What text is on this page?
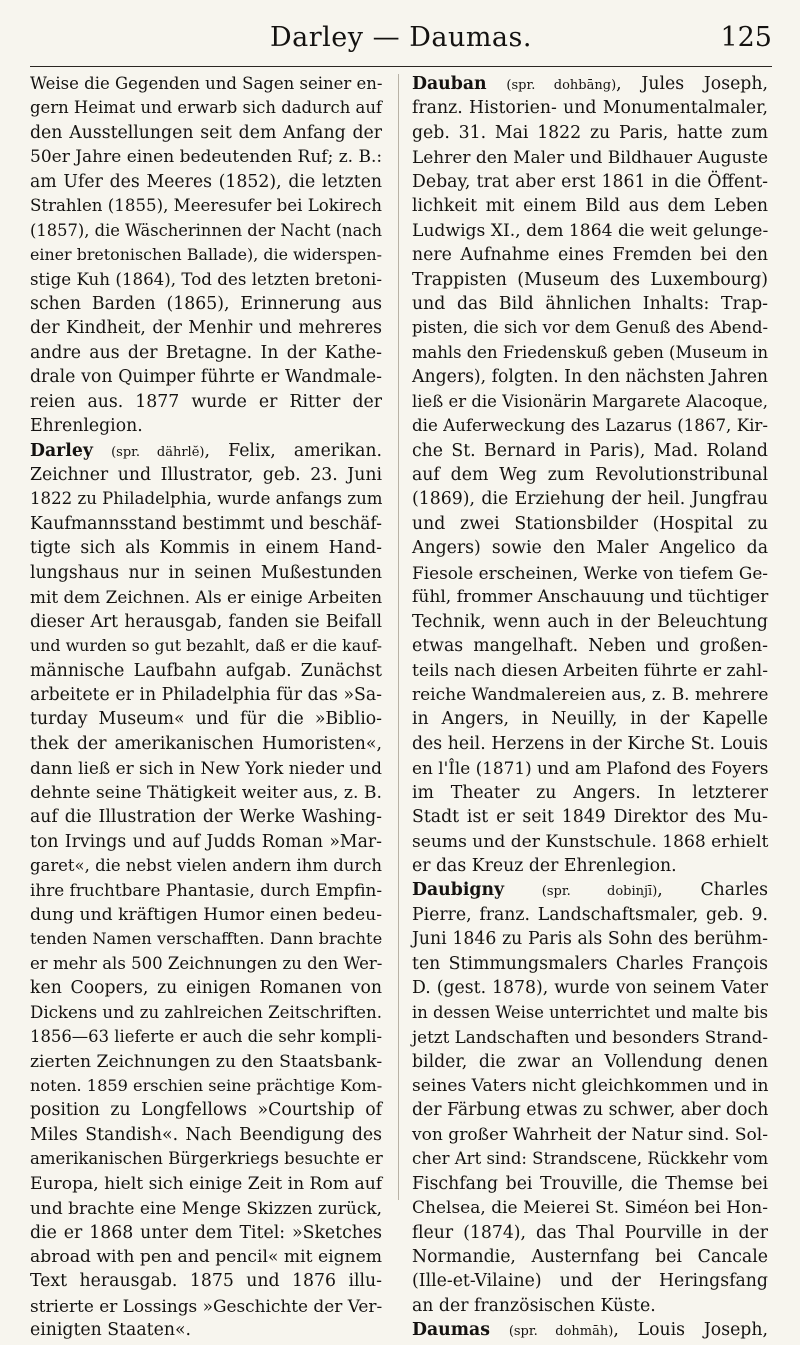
Darley — Daumas.	125
Weise die Gegenden und Sagen seiner en-
gern Heimat und erwarb sich dadurch auf
den Ausstellungen seit dem Anfang der
50er Jahre einen bedeutenden Ruf; z. B.:
am Ufer des Meeres (1852), die letzten
Strahlen (1855), Meeresufer bei Lokirech
(1857), die Wäscherinnen der Nacht (nach
einer bretonischen Ballade), die widerspen-
stige Kuh (1864), Tod des letzten bretoni-
schen Barden (1865), Erinnerung aus
der Kindheit, der Menhir und mehreres
andre aus der Bretagne. In der Kathe-
drale von Quimper führte er Wandmale-
reien aus. 1877 wurde er Ritter der
Ehrenlegion.
Darley (spr. dährlĕ), Felix, amerikan.
Zeichner und Illustrator, geb. 23. Juni
1822 zu Philadelphia, wurde anfangs zum
Kaufmannsstand bestimmt und beschäf-
tigte sich als Kommis in einem Hand-
lungshaus nur in seinen Mußestunden
mit dem Zeichnen. Als er einige Arbeiten
dieser Art herausgab, fanden sie Beifall
und wurden so gut bezahlt, daß er die kauf-
männische Laufbahn aufgab. Zunächst
arbeitete er in Philadelphia für das »Sa-
turday Museum« und für die »Biblio-
thek der amerikanischen Humoristen«,
dann ließ er sich in New York nieder und
dehnte seine Thätigkeit weiter aus, z. B.
auf die Illustration der Werke Washing-
ton Irvings und auf Judds Roman »Mar-
garet«, die nebst vielen andern ihm durch
ihre fruchtbare Phantasie, durch Empfin-
dung und kräftigen Humor einen bedeu-
tenden Namen verschafften. Dann brachte
er mehr als 500 Zeichnungen zu den Wer-
ken Coopers, zu einigen Romanen von
Dickens und zu zahlreichen Zeitschriften.
1856—63 lieferte er auch die sehr kompli-
zierten Zeichnungen zu den Staatsbank-
noten. 1859 erschien seine prächtige Kom-
position zu Longfellows »Courtship of
Miles Standish«. Nach Beendigung des
amerikanischen Bürgerkriegs besuchte er
Europa, hielt sich einige Zeit in Rom auf
und brachte eine Menge Skizzen zurück,
die er 1868 unter dem Titel: »Sketches
abroad with pen and pencil« mit eignem
Text herausgab. 1875 und 1876 illu-
strierte er Lossings »Geschichte der Ver-
einigten Staaten«.
Dauban (spr. dohbāng), Jules Joseph,
franz. Historien- und Monumentalmaler,
geb. 31. Mai 1822 zu Paris, hatte zum
Lehrer den Maler und Bildhauer Auguste
Debay, trat aber erst 1861 in die Öffent-
lichkeit mit einem Bild aus dem Leben
Ludwigs XI., dem 1864 die weit gelunge-
nere Aufnahme eines Fremden bei den
Trappisten (Museum des Luxembourg)
und das Bild ähnlichen Inhalts: Trap-
pisten, die sich vor dem Genuß des Abend-
mahls den Friedenskuß geben (Museum in
Angers), folgten. In den nächsten Jahren
ließ er die Visionärin Margarete Alacoque,
die Auferweckung des Lazarus (1867, Kir-
che St. Bernard in Paris), Mad. Roland
auf dem Weg zum Revolutionstribunal
(1869), die Erziehung der heil. Jungfrau
und zwei Stationsbilder (Hospital zu
Angers) sowie den Maler Angelico da
Fiesole erscheinen, Werke von tiefem Ge-
fühl, frommer Anschauung und tüchtiger
Technik, wenn auch in der Beleuchtung
etwas mangelhaft. Neben und großen-
teils nach diesen Arbeiten führte er zahl-
reiche Wandmalereien aus, z. B. mehrere
in Angers, in Neuilly, in der Kapelle
des heil. Herzens in der Kirche St. Louis
en l'Île (1871) und am Plafond des Foyers
im Theater zu Angers. In letzterer
Stadt ist er seit 1849 Direktor des Mu-
seums und der Kunstschule. 1868 erhielt
er das Kreuz der Ehrenlegion.
Daubigny	(spr. dobinjī), Charles
Pierre, franz. Landschaftsmaler, geb. 9.
Juni 1846 zu Paris als Sohn des berühm-
ten Stimmungsmalers Charles François
D. (gest. 1878), wurde von seinem Vater
in dessen Weise unterrichtet und malte bis
jetzt Landschaften und besonders Strand-
bilder, die zwar an Vollendung denen
seines Vaters nicht gleichkommen und in
der Färbung etwas zu schwer, aber doch
von großer Wahrheit der Natur sind. Sol-
cher Art sind: Strandscene, Rückkehr vom
Fischfang bei Trouville, die Themse bei
Chelsea, die Meierei St. Siméon bei Hon-
fleur (1874), das Thal Pourville in der
Normandie, Austernfang bei Cancale
(Ille-et-Vilaine) und der Heringsfang
an der französischen Küste.
Daumas (spr. dohmāh), Louis Joseph,
